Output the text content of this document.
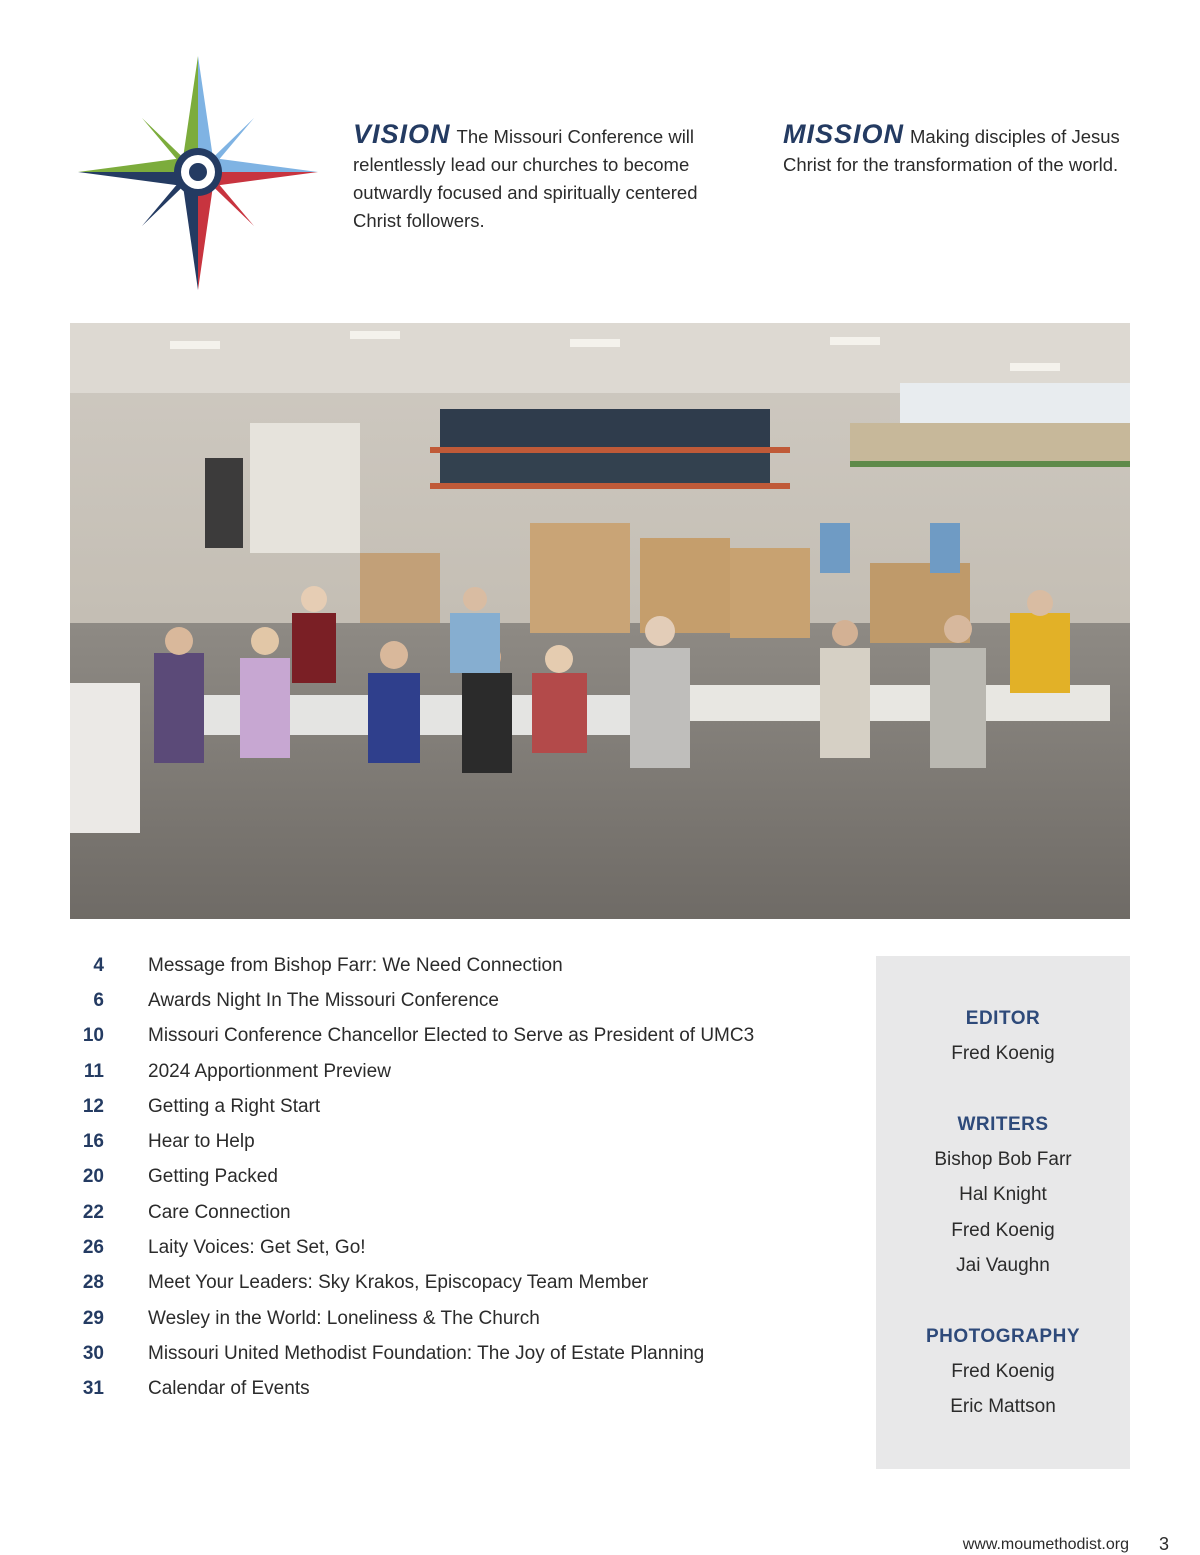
VISION The Missouri Conference will relentlessly lead our churches to become outwardly focused and spiritually centered Christ followers.
MISSION Making disciples of Jesus Christ for the transformation of the world.
4 Message from Bishop Farr: We Need Connection
6 Awards Night In The Missouri Conference
10 Missouri Conference Chancellor Elected to Serve as President of UMC3
11 2024 Apportionment Preview
12 Getting a Right Start
16 Hear to Help
20 Getting Packed
22 Care Connection
26 Laity Voices: Get Set, Go!
28 Meet Your Leaders: Sky Krakos, Episcopacy Team Member
29 Wesley in the World: Loneliness & The Church
30 Missouri United Methodist Foundation: The Joy of Estate Planning
31 Calendar of Events
EDITOR
Fred Koenig
WRITERS
Bishop Bob Farr
Hal Knight
Fred Koenig
Jai Vaughn
PHOTOGRAPHY
Fred Koenig
Eric Mattson
www.moumethodist.org 3
